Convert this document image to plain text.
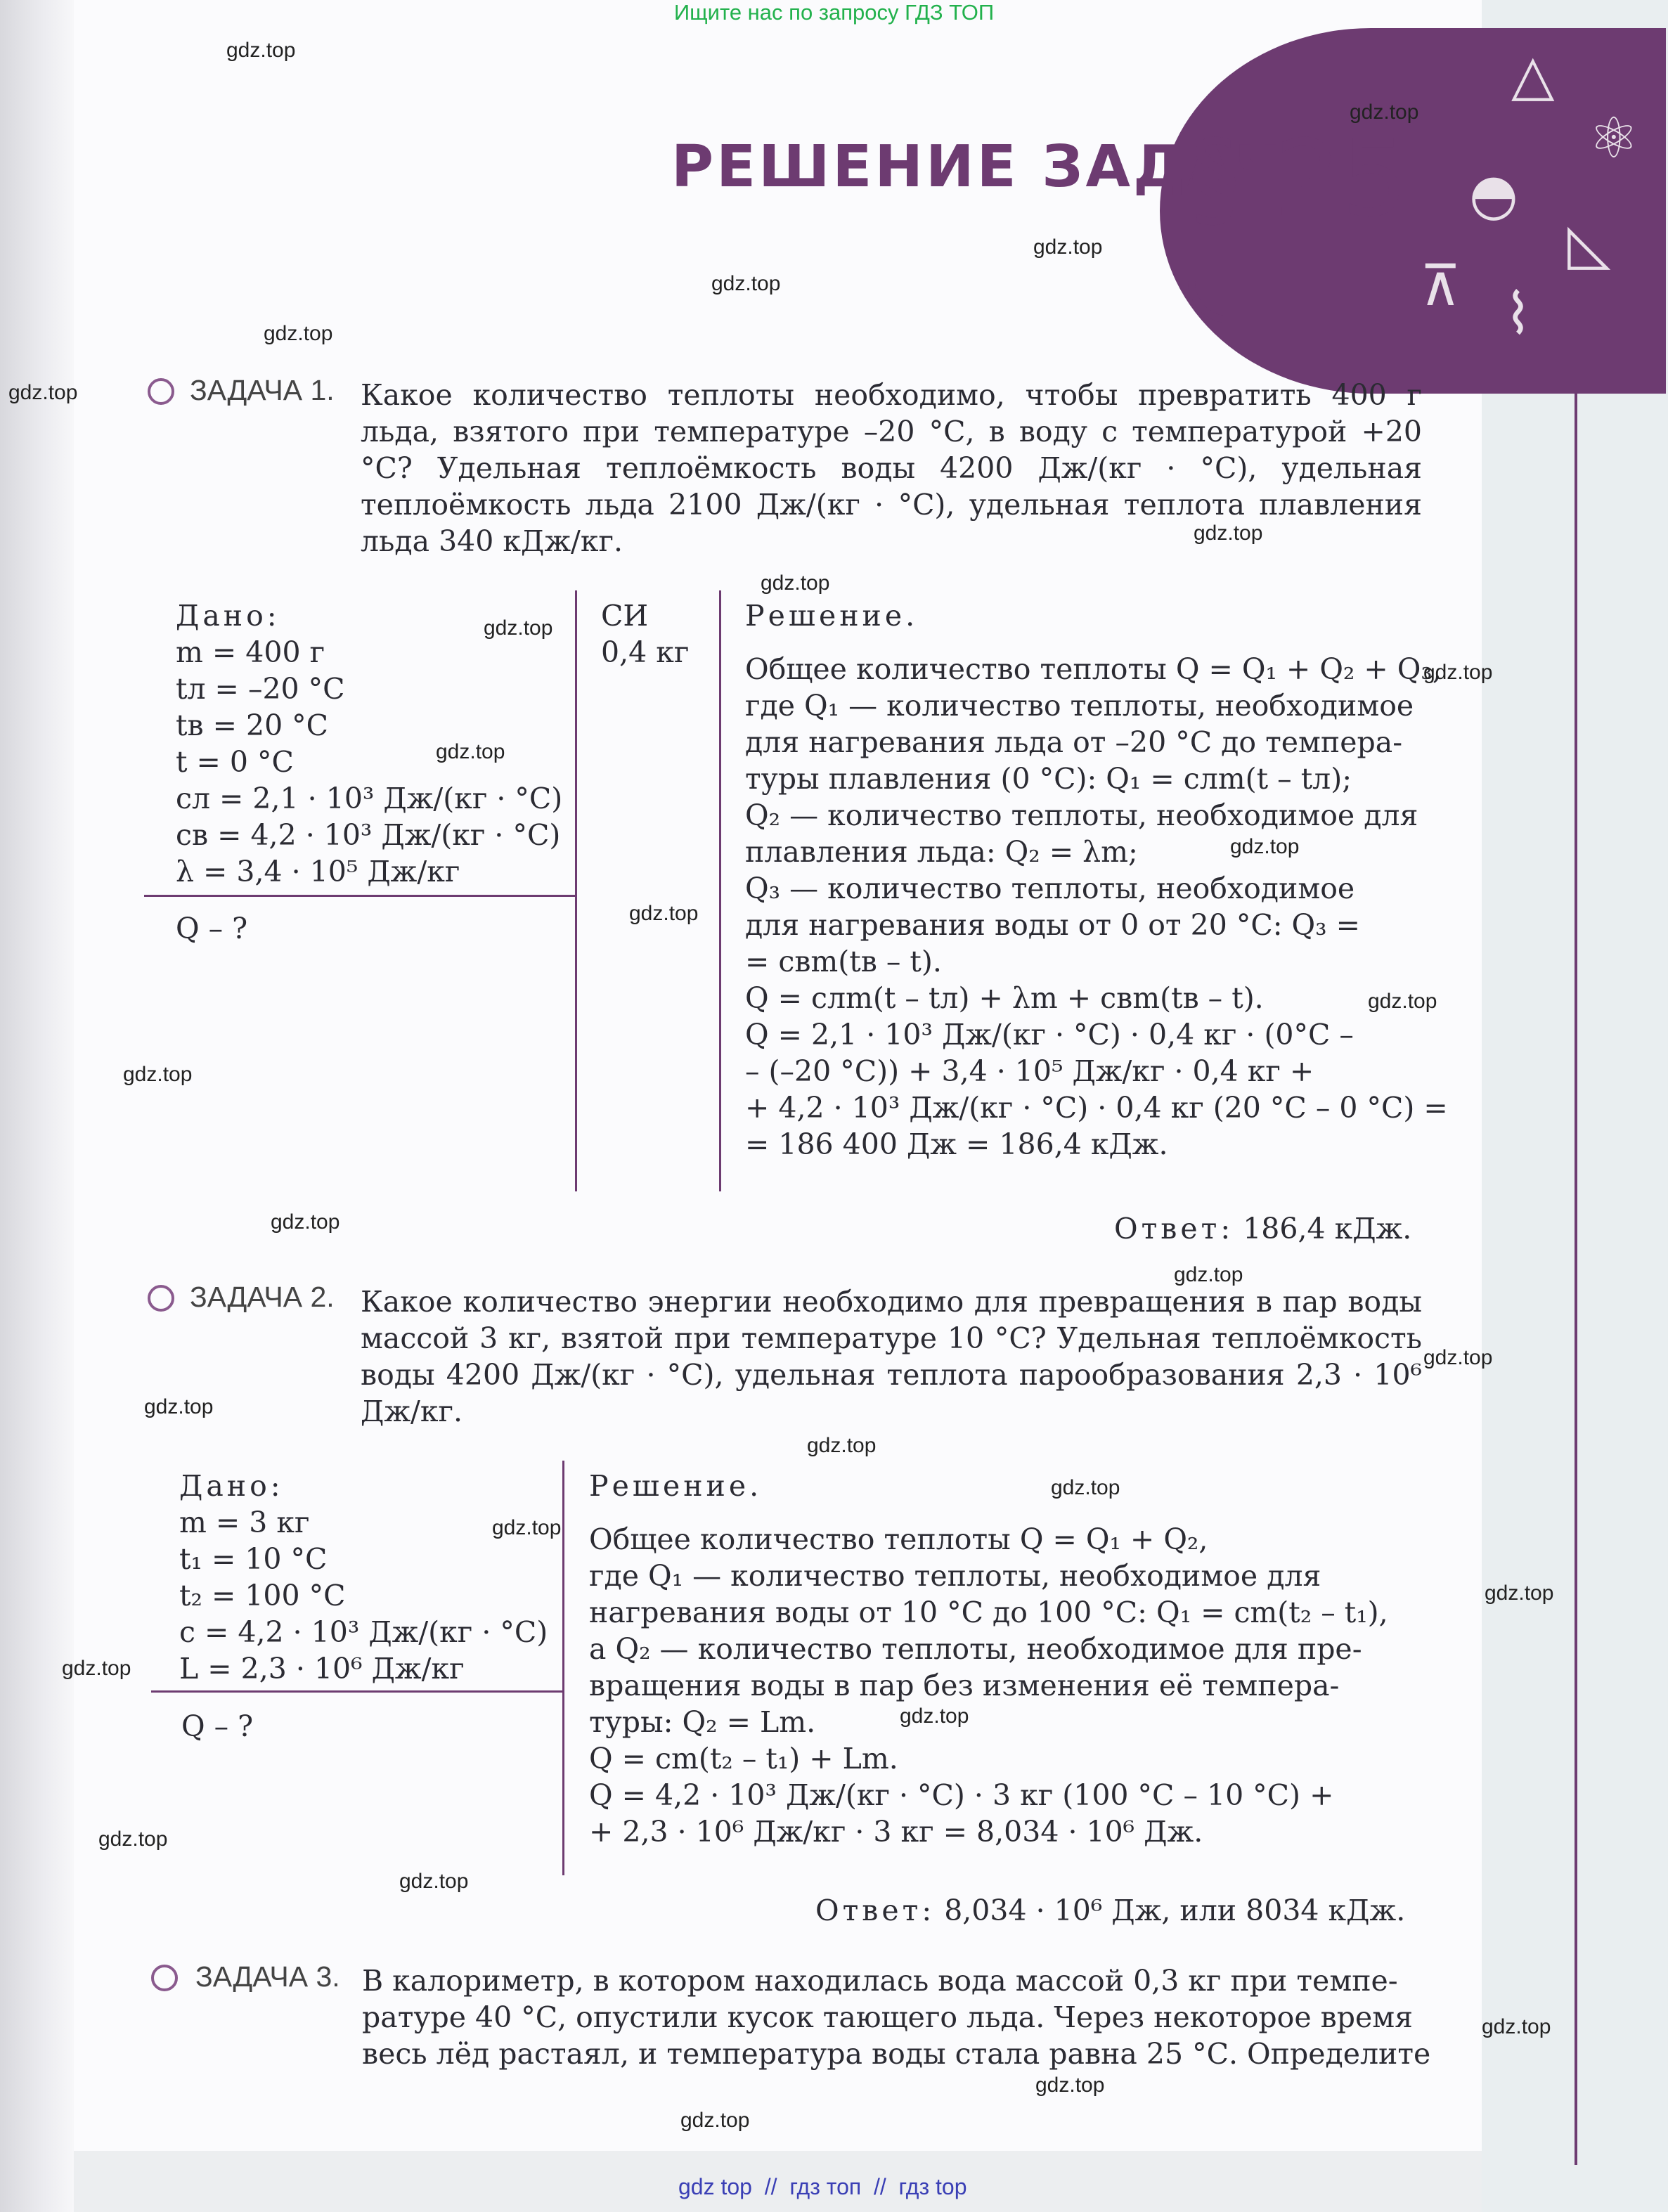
△
⚛
◓
◺
⊼ ⌇
Ищите нас по запросу ГДЗ ТОП
РЕШЕНИЕ ЗАДАЧ
§ 25
ЗАДАЧА 1. Какое количество теплоты необходимо, чтобы превратить 400 г льда, взятого при температуре –20 °С, в воду с температурой +20 °С? Удельная теплоёмкость воды 4200 Дж/(кг · °С), удельная теплоёмкость льда 2100 Дж/(кг · °С), удельная теплота плавления льда 340 кДж/кг.
Дано:
m = 400 г
tл = –20 °С
tв = 20 °С
t = 0 °С
cл = 2,1 · 10³ Дж/(кг · °С)
cв = 4,2 · 10³ Дж/(кг · °С)
λ = 3,4 · 10⁵ Дж/кг
Q – ?
СИ
0,4 кг
Решение.
Общее количество теплоты Q = Q₁ + Q₂ + Q₃,
где Q₁ — количество теплоты, необходимое
для нагревания льда от –20 °С до темпера-
туры плавления (0 °С): Q₁ = cлm(t – tл);
Q₂ — количество теплоты, необходимое для
плавления льда: Q₂ = λm;
Q₃ — количество теплоты, необходимое
для нагревания воды от 0 от 20 °С: Q₃ =
= cвm(tв – t).
Q = cлm(t – tл) + λm + cвm(tв – t).
Q = 2,1 · 10³ Дж/(кг · °С) · 0,4 кг · (0°С –
– (–20 °С)) + 3,4 · 10⁵ Дж/кг · 0,4 кг +
+ 4,2 · 10³ Дж/(кг · °С) · 0,4 кг (20 °С – 0 °С) =
= 186 400 Дж = 186,4 кДж.
Ответ: 186,4 кДж.
ЗАДАЧА 2. Какое количество энергии необходимо для превращения в пар воды массой 3 кг, взятой при температуре 10 °С? Удельная теплоёмкость воды 4200 Дж/(кг · °С), удельная теплота парообразования 2,3 · 10⁶ Дж/кг.
Дано:
m = 3 кг
t₁ = 10 °С
t₂ = 100 °С
c = 4,2 · 10³ Дж/(кг · °С)
L = 2,3 · 10⁶ Дж/кг
Q – ?
Решение.
Общее количество теплоты Q = Q₁ + Q₂,
где Q₁ — количество теплоты, необходимое для
нагревания воды от 10 °С до 100 °С: Q₁ = cm(t₂ – t₁),
а Q₂ — количество теплоты, необходимое для пре-
вращения воды в пар без изменения её темпера-
туры: Q₂ = Lm.
Q = cm(t₂ – t₁) + Lm.
Q = 4,2 · 10³ Дж/(кг · °С) · 3 кг (100 °С – 10 °С) +
+ 2,3 · 10⁶ Дж/кг · 3 кг = 8,034 · 10⁶ Дж.
Ответ: 8,034 · 10⁶ Дж, или 8034 кДж.
ЗАДАЧА 3. В калориметр, в котором находилась вода массой 0,3 кг при темпе-
ратуре 40 °С, опустили кусок тающего льда. Через некоторое время
весь лёд растаял, и температура воды стала равна 25 °С. Определите
gdz.top
gdz.top
gdz.top
gdz.top
gdz.top
gdz.top
gdz.top
gdz.top
gdz.top
gdz.top
gdz.top
gdz.top
gdz.top
gdz.top
gdz.top
gdz.top
gdz.top
gdz.top
gdz.top
gdz.top
gdz.top
gdz.top
gdz.top
gdz.top
gdz.top
gdz.top
gdz.top
gdz.top
gdz.top
gdz.top
gdz top  //  гдз топ  //  гдз top
